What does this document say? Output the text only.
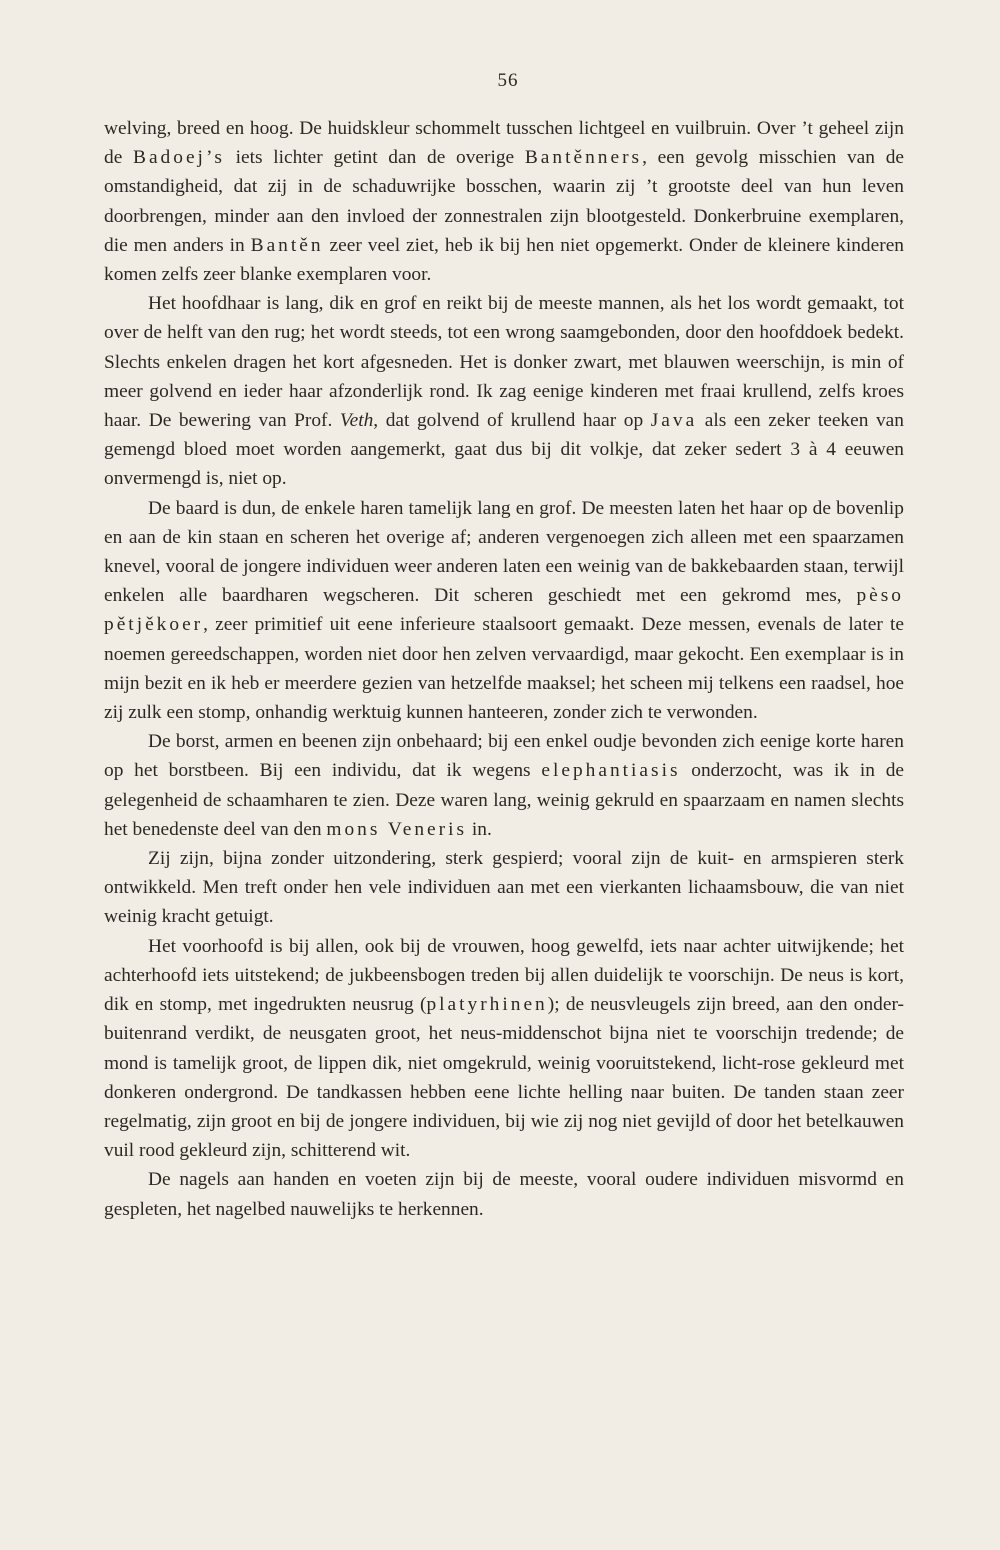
56

welving, breed en hoog. De huidskleur schommelt tusschen lichtgeel en vuilbruin. Over ’t geheel zijn de Badoej’s iets lichter getint dan de overige Bantěnners, een gevolg misschien van de omstandigheid, dat zij in de schaduwrijke bosschen, waarin zij ’t grootste deel van hun leven doorbrengen, minder aan den invloed der zonnestralen zijn blootgesteld. Donkerbruine exemplaren, die men anders in Bantěn zeer veel ziet, heb ik bij hen niet opgemerkt. Onder de kleinere kinderen komen zelfs zeer blanke exemplaren voor.

Het hoofdhaar is lang, dik en grof en reikt bij de meeste mannen, als het los wordt gemaakt, tot over de helft van den rug; het wordt steeds, tot een wrong saamgebonden, door den hoofddoek bedekt. Slechts enkelen dragen het kort afgesneden. Het is donker zwart, met blauwen weerschijn, is min of meer golvend en ieder haar afzonderlijk rond. Ik zag eenige kinderen met fraai krullend, zelfs kroes haar. De bewering van Prof. Veth, dat golvend of krullend haar op Java als een zeker teeken van gemengd bloed moet worden aangemerkt, gaat dus bij dit volkje, dat zeker sedert 3 à 4 eeuwen onvermengd is, niet op.

De baard is dun, de enkele haren tamelijk lang en grof. De meesten laten het haar op de bovenlip en aan de kin staan en scheren het overige af; anderen vergenoegen zich alleen met een spaarzamen knevel, vooral de jongere individuen weer anderen laten een weinig van de bakkebaarden staan, terwijl enkelen alle baardharen wegscheren. Dit scheren geschiedt met een gekromd mes, pèso pětjěkoer, zeer primitief uit eene inferieure staalsoort gemaakt. Deze messen, evenals de later te noemen gereedschappen, worden niet door hen zelven vervaardigd, maar gekocht. Een exemplaar is in mijn bezit en ik heb er meerdere gezien van hetzelfde maaksel; het scheen mij telkens een raadsel, hoe zij zulk een stomp, onhandig werktuig kunnen hanteeren, zonder zich te verwonden.

De borst, armen en beenen zijn onbehaard; bij een enkel oudje bevonden zich eenige korte haren op het borstbeen. Bij een individu, dat ik wegens elephantiasis onderzocht, was ik in de gelegenheid de schaamharen te zien. Deze waren lang, weinig gekruld en spaarzaam en namen slechts het benedenste deel van den mons Veneris in.

Zij zijn, bijna zonder uitzondering, sterk gespierd; vooral zijn de kuit- en armspieren sterk ontwikkeld. Men treft onder hen vele individuen aan met een vierkanten lichaamsbouw, die van niet weinig kracht getuigt.

Het voorhoofd is bij allen, ook bij de vrouwen, hoog gewelfd, iets naar achter uitwijkende; het achterhoofd iets uitstekend; de jukbeensbogen treden bij allen duidelijk te voorschijn. De neus is kort, dik en stomp, met ingedrukten neusrug (platyrhinen); de neusvleugels zijn breed, aan den onder-buitenrand verdikt, de neusgaten groot, het neus-middenschot bijna niet te voorschijn tredende; de mond is tamelijk groot, de lippen dik, niet omgekruld, weinig vooruitstekend, licht-rose gekleurd met donkeren ondergrond. De tandkassen hebben eene lichte helling naar buiten. De tanden staan zeer regelmatig, zijn groot en bij de jongere individuen, bij wie zij nog niet gevijld of door het betelkauwen vuil rood gekleurd zijn, schitterend wit.

De nagels aan handen en voeten zijn bij de meeste, vooral oudere individuen misvormd en gespleten, het nagelbed nauwelijks te herkennen.
